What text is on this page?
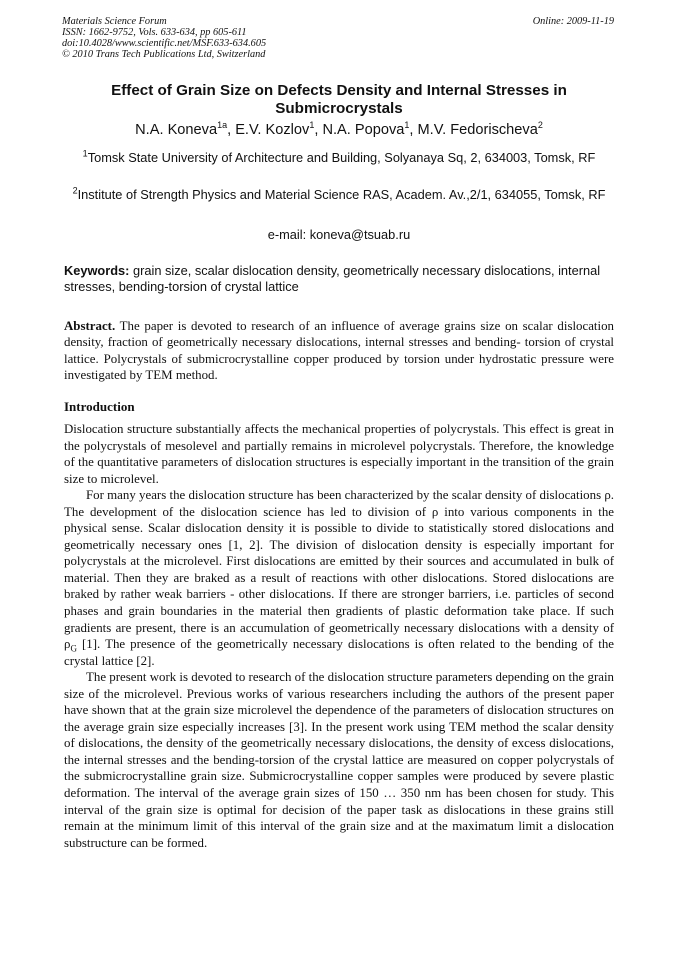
Materials Science Forum
ISSN: 1662-9752, Vols. 633-634, pp 605-611
doi:10.4028/www.scientific.net/MSF.633-634.605
© 2010 Trans Tech Publications Ltd, Switzerland
Online: 2009-11-19
Effect of Grain Size on Defects Density and Internal Stresses in Submicrocrystals
N.A. Koneva$^{1a}$, E.V. Kozlov$^1$, N.A. Popova$^1$, M.V. Fedorischeva$^2$
$^1$Tomsk State University of Architecture and Building, Solyanaya Sq, 2, 634003, Tomsk, RF
$^2$Institute of Strength Physics and Material Science RAS, Academ. Av.,2/1, 634055, Tomsk, RF
e-mail: koneva@tsuab.ru
Keywords: grain size, scalar dislocation density, geometrically necessary dislocations, internal stresses, bending-torsion of crystal lattice
Abstract. The paper is devoted to research of an influence of average grains size on scalar dislocation density, fraction of geometrically necessary dislocations, internal stresses and bending- torsion of crystal lattice. Polycrystals of submicrocrystalline copper produced by torsion under hydrostatic pressure were investigated by TEM method.
Introduction

Dislocation structure substantially affects the mechanical properties of polycrystals. This effect is great in the polycrystals of mesolevel and partially remains in microlevel polycrystals. Therefore, the knowledge of the quantitative parameters of dislocation structures is especially important in the transition of the grain size to microlevel.

For many years the dislocation structure has been characterized by the scalar density of dislocations ρ. The development of the dislocation science has led to division of ρ into various components in the physical sense. Scalar dislocation density it is possible to divide to statistically stored dislocations and geometrically necessary ones [1, 2]. The division of dislocation density is especially important for polycrystals at the microlevel. First dislocations are emitted by their sources and accumulated in bulk of material. Then they are braked as a result of reactions with other dislocations. Stored dislocations are braked by rather weak barriers - other dislocations. If there are stronger barriers, i.e. particles of second phases and grain boundaries in the material then gradients of plastic deformation take place. If such gradients are present, there is an accumulation of geometrically necessary dislocations with a density of $\rho_G$ [1]. The presence of the geometrically necessary dislocations is often related to the bending of the crystal lattice [2].

The present work is devoted to research of the dislocation structure parameters depending on the grain size of the microlevel. Previous works of various researchers including the authors of the present paper have shown that at the grain size microlevel the dependence of the parameters of dislocation structures on the average grain size especially increases [3]. In the present work using TEM method the scalar density of dislocations, the density of the geometrically necessary dislocations, the density of excess dislocations, the internal stresses and the bending-torsion of the crystal lattice are measured on copper polycrystals of the submicrocrystalline grain size. Submicrocrystalline copper samples were produced by severe plastic deformation. The interval of the average grain sizes of 150 … 350 nm has been chosen for study. This interval of the grain size is optimal for decision of the paper task as dislocations in these grains still remain at the minimum limit of this interval of the grain size and at the maximatum limit a dislocation substructure can be formed.
